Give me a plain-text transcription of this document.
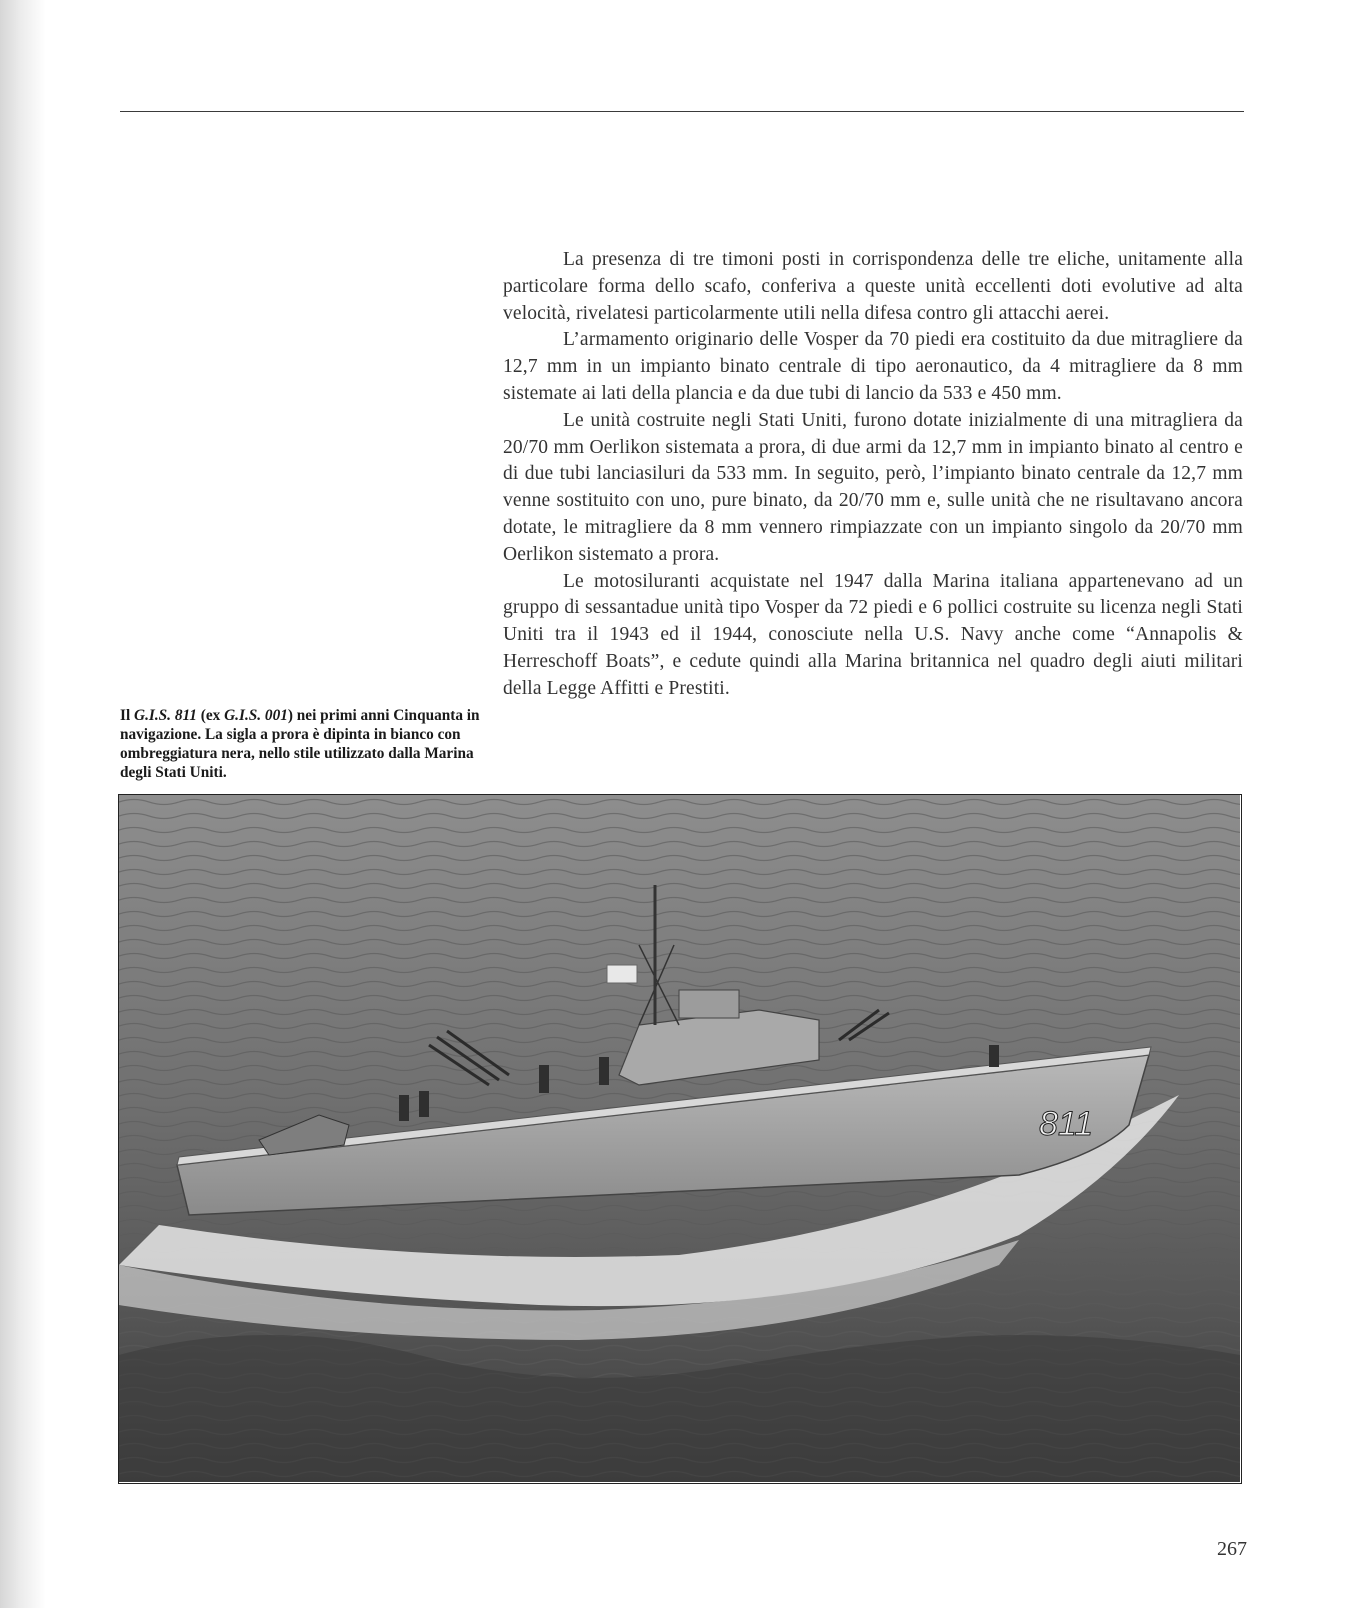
La presenza di tre timoni posti in corrispondenza delle tre eliche, unitamente alla particolare forma dello scafo, conferiva a queste unità eccellenti doti evolutive ad alta velocità, rivelatesi particolarmente utili nella difesa contro gli attacchi aerei.

L’armamento originario delle Vosper da 70 piedi era costituito da due mitragliere da 12,7 mm in un impianto binato centrale di tipo aeronautico, da 4 mitragliere da 8 mm sistemate ai lati della plancia e da due tubi di lancio da 533 e 450 mm.

Le unità costruite negli Stati Uniti, furono dotate inizialmente di una mitragliera da 20/70 mm Oerlikon sistemata a prora, di due armi da 12,7 mm in impianto binato al centro e di due tubi lanciasiluri da 533 mm. In seguito, però, l’impianto binato centrale da 12,7 mm venne sostituito con uno, pure binato, da 20/70 mm e, sulle unità che ne risultavano ancora dotate, le mitragliere da 8 mm vennero rimpiazzate con un impianto singolo da 20/70 mm Oerlikon sistemato a prora.

Le motosiluranti acquistate nel 1947 dalla Marina italiana appartenevano ad un gruppo di sessantadue unità tipo Vosper da 72 piedi e 6 pollici costruite su licenza negli Stati Uniti tra il 1943 ed il 1944, conosciute nella U.S. Navy anche come “Annapolis & Herreschoff Boats”, e cedute quindi alla Marina britannica nel quadro degli aiuti militari della Legge Affitti e Prestiti.

Il G.I.S. 811 (ex G.I.S. 001) nei primi anni Cinquanta in navigazione. La sigla a prora è dipinta in bianco con ombreggiatura nera, nello stile utilizzato dalla Marina degli Stati Uniti.

811
267
